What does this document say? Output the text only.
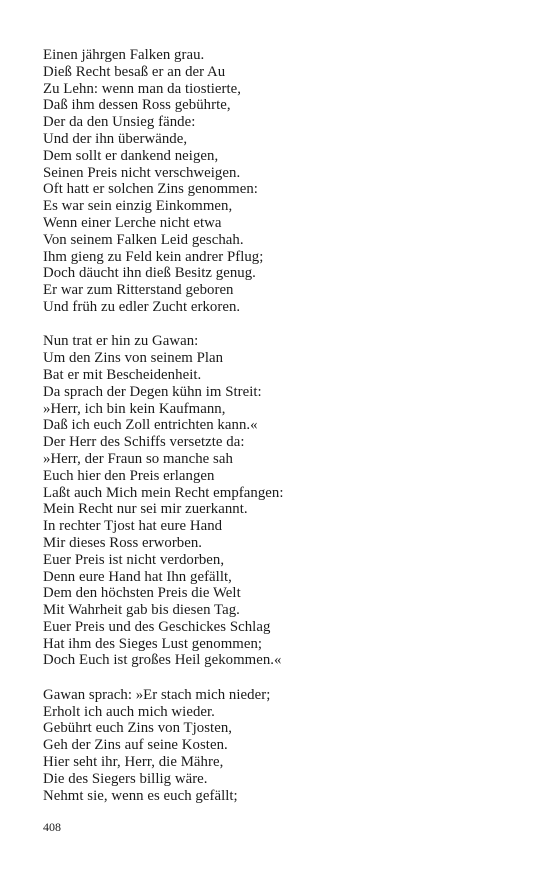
Einen jährgen Falken grau.
Dieß Recht besaß er an der Au
Zu Lehn: wenn man da tiostierte,
Daß ihm dessen Ross gebührte,
Der da den Unsieg fände:
Und der ihn überwände,
Dem sollt er dankend neigen,
Seinen Preis nicht verschweigen.
Oft hatt er solchen Zins genommen:
Es war sein einzig Einkommen,
Wenn einer Lerche nicht etwa
Von seinem Falken Leid geschah.
Ihm gieng zu Feld kein andrer Pflug;
Doch däucht ihn dieß Besitz genug.
Er war zum Ritterstand geboren
Und früh zu edler Zucht erkoren.
Nun trat er hin zu Gawan:
Um den Zins von seinem Plan
Bat er mit Bescheidenheit.
Da sprach der Degen kühn im Streit:
»Herr, ich bin kein Kaufmann,
Daß ich euch Zoll entrichten kann.«
Der Herr des Schiffs versetzte da:
»Herr, der Fraun so manche sah
Euch hier den Preis erlangen
Laßt auch Mich mein Recht empfangen:
Mein Recht nur sei mir zuerkannt.
In rechter Tjost hat eure Hand
Mir dieses Ross erworben.
Euer Preis ist nicht verdorben,
Denn eure Hand hat Ihn gefällt,
Dem den höchsten Preis die Welt
Mit Wahrheit gab bis diesen Tag.
Euer Preis und des Geschickes Schlag
Hat ihm des Sieges Lust genommen;
Doch Euch ist großes Heil gekommen.«
Gawan sprach: »Er stach mich nieder;
Erholt ich auch mich wieder.
Gebührt euch Zins von Tjosten,
Geh der Zins auf seine Kosten.
Hier seht ihr, Herr, die Mähre,
Die des Siegers billig wäre.
Nehmt sie, wenn es euch gefällt;
408
